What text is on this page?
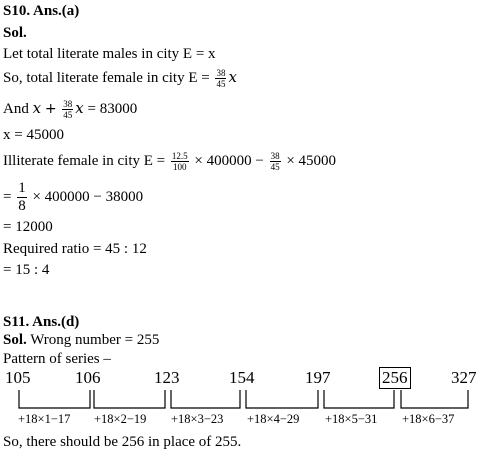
S10. Ans.(a)
Sol.
Let total literate males in city E = x
So, total literate female in city $E = \frac{38}{45}$ x
And $x + \frac{38}{45}$ x = 83000
x = 45000
Illiterate female in city $E = \frac{12.5}{100} \times 400000 - \frac{38}{45} \times 45000$
= $\frac{1}{8} \times 400000 - 38000$
= 12000
Required ratio = 45 : 12
= 15 : 4
S11. Ans.(d)
Sol. Wrong number = 255
Pattern of series –
105	106	123	154	197	256	327
+18×1−17 +18×2−19 +18×3−23 +18×4−29 +18×5−31 +18×6−37
So, there should be 256 in place of 255.
